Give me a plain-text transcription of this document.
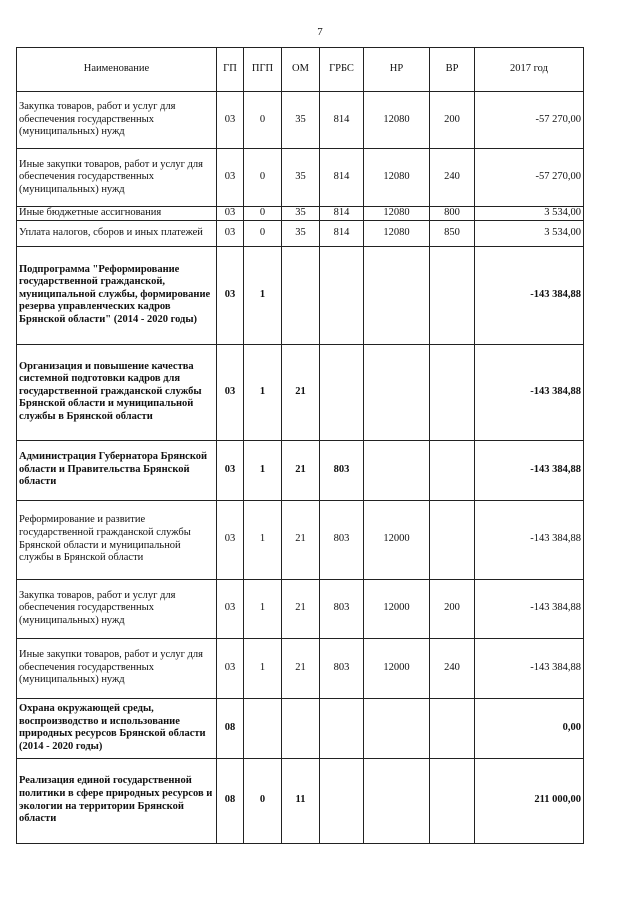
7
Наименование	ГП	ПГП	ОМ	ГРБС	НР	ВР	2017 год
Закупка товаров, работ и услуг для обеспечения государственных (муниципальных) нужд	03	0	35	814	12080	200	-57 270,00
Иные закупки товаров, работ и услуг для обеспечения государственных (муниципальных) нужд	03	0	35	814	12080	240	-57 270,00
Иные бюджетные ассигнования	03	0	35	814	12080	800	3 534,00
Уплата налогов, сборов и иных платежей	03	0	35	814	12080	850	3 534,00
Подпрограмма "Реформирование государственной гражданской, муниципальной службы, формирование резерва управленческих кадров Брянской области" (2014 - 2020 годы)	03	1					-143 384,88
Организация и повышение качества системной подготовки кадров для государственной гражданской службы Брянской области и муниципальной службы в Брянской области	03	1	21				-143 384,88
Администрация Губернатора Брянской области и Правительства Брянской области	03	1	21	803			-143 384,88
Реформирование и развитие государственной гражданской службы Брянской области и муниципальной службы в Брянской области	03	1	21	803	12000		-143 384,88
Закупка товаров, работ и услуг для обеспечения государственных (муниципальных) нужд	03	1	21	803	12000	200	-143 384,88
Иные закупки товаров, работ и услуг для обеспечения государственных (муниципальных) нужд	03	1	21	803	12000	240	-143 384,88
Охрана окружающей среды, воспроизводство и использование природных ресурсов Брянской области (2014 - 2020 годы)	08						0,00
Реализация единой государственной политики в сфере природных ресурсов и экологии на территории Брянской области	08	0	11				211 000,00
